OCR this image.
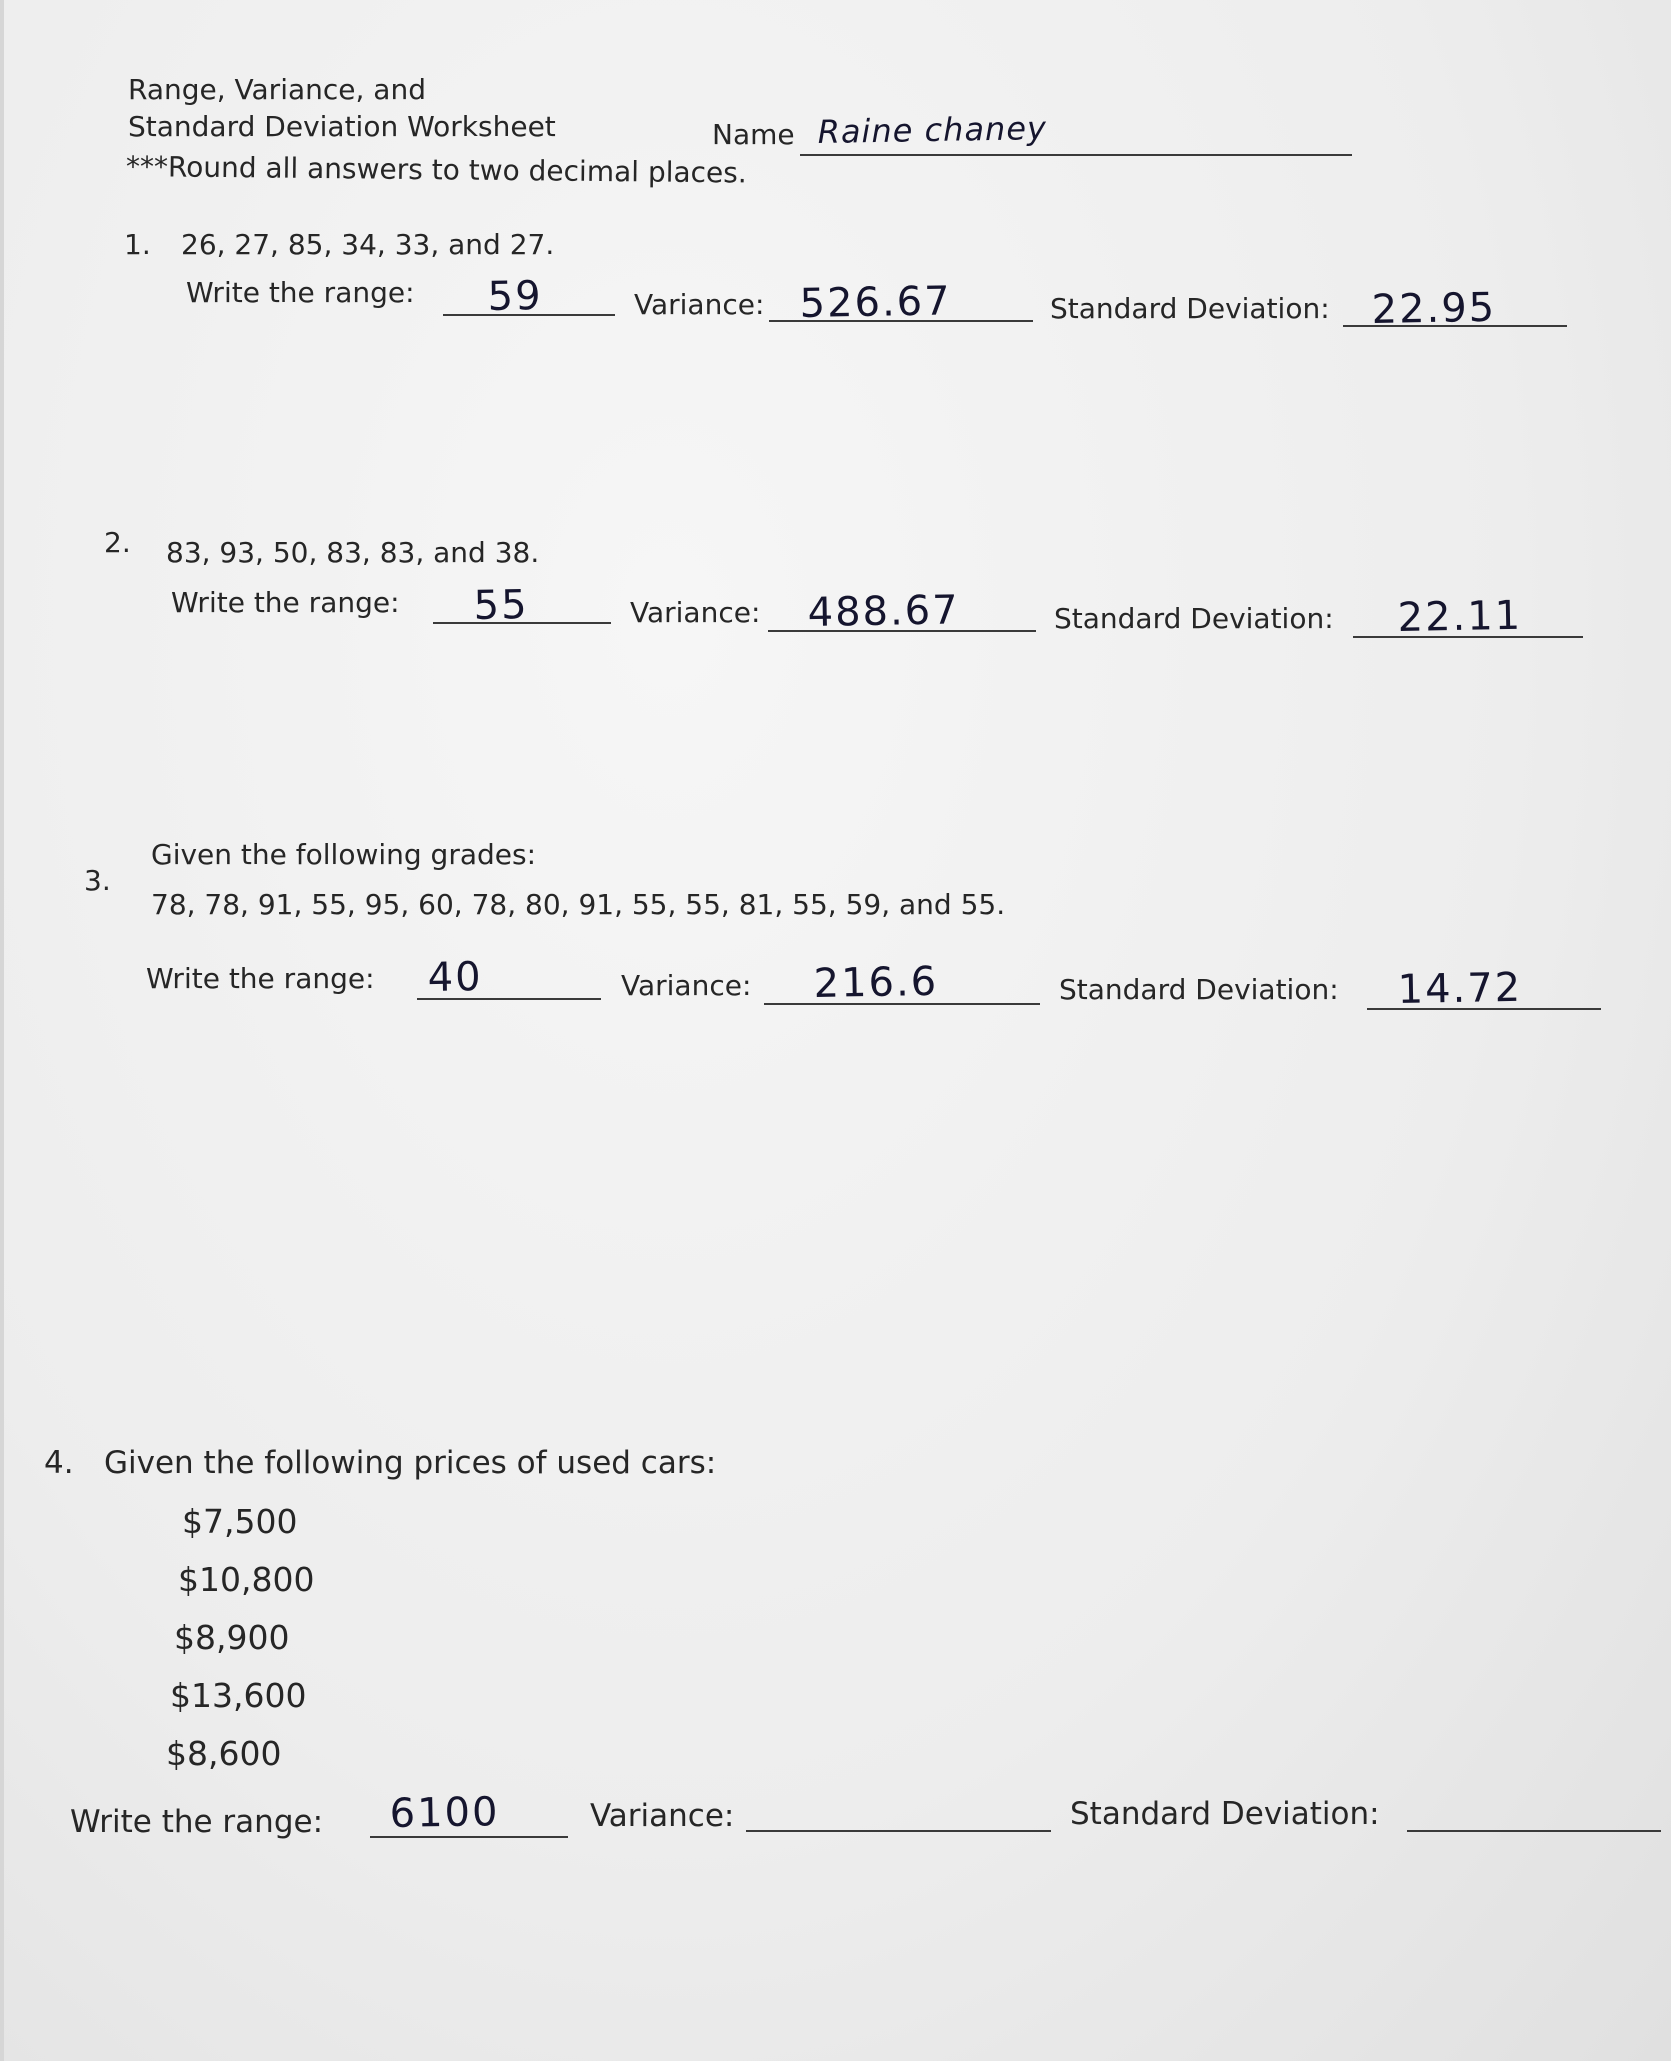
Range, Variance, and
Standard Deviation Worksheet	Name Raine chaney
***Round all answers to two decimal places.
1. 26, 27, 85, 34, 33, and 27.
Write the range: 59	Variance: 526.67	Standard Deviation: 22.95
2. 83, 93, 50, 83, 83, and 38.
Write the range: 55	Variance: 488.67	Standard Deviation: 22.11
Given the following grades:
3.
78, 78, 91, 55, 95, 60, 78, 80, 91, 55, 55, 81, 55, 59, and 55.
Write the range: 40	Variance: 216.6	Standard Deviation: 14.72
4. Given the following prices of used cars:
$7,500
$10,800
$8,900
$13,600
$8,600
Write the range: 6100	Variance:	Standard Deviation:
